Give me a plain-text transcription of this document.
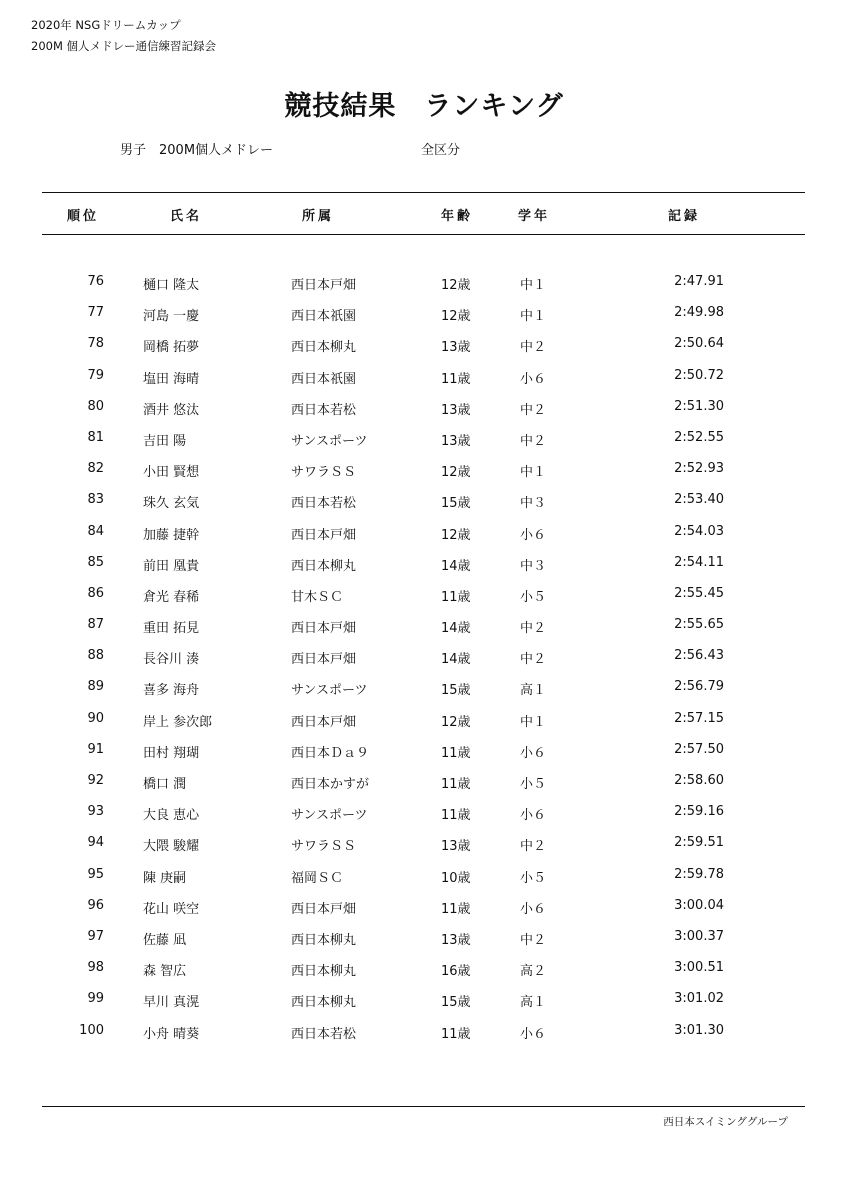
2020年 NSGドリームカップ
200M 個人メドレー通信練習記録会
競技結果　ランキング
男子　200M個人メドレー	全区分
順位	氏名	所属	年齢	学年	記録
76	樋口 隆太	西日本戸畑	12歳	中１	2:47.91
77	河島 一慶	西日本祇園	12歳	中１	2:49.98
78	岡橋 拓夢	西日本柳丸	13歳	中２	2:50.64
79	塩田 海晴	西日本祇園	11歳	小６	2:50.72
80	酒井 悠汰	西日本若松	13歳	中２	2:51.30
81	吉田 陽	サンスポーツ	13歳	中２	2:52.55
82	小田 賢想	サワラＳＳ	12歳	中１	2:52.93
83	珠久 玄気	西日本若松	15歳	中３	2:53.40
84	加藤 捷幹	西日本戸畑	12歳	小６	2:54.03
85	前田 凰貴	西日本柳丸	14歳	中３	2:54.11
86	倉光 春稀	甘木ＳＣ	11歳	小５	2:55.45
87	重田 拓見	西日本戸畑	14歳	中２	2:55.65
88	長谷川 湊	西日本戸畑	14歳	中２	2:56.43
89	喜多 海舟	サンスポーツ	15歳	高１	2:56.79
90	岸上 参次郎	西日本戸畑	12歳	中１	2:57.15
91	田村 翔瑚	西日本Ｄａ９	11歳	小６	2:57.50
92	橋口 潤	西日本かすが	11歳	小５	2:58.60
93	大良 恵心	サンスポーツ	11歳	小６	2:59.16
94	大隈 駿耀	サワラＳＳ	13歳	中２	2:59.51
95	陳 庚嗣	福岡ＳＣ	10歳	小５	2:59.78
96	花山 咲空	西日本戸畑	11歳	小６	3:00.04
97	佐藤 凪	西日本柳丸	13歳	中２	3:00.37
98	森 智広	西日本柳丸	16歳	高２	3:00.51
99	早川 真滉	西日本柳丸	15歳	高１	3:01.02
100	小舟 晴葵	西日本若松	11歳	小６	3:01.30
西日本スイミンググループ
